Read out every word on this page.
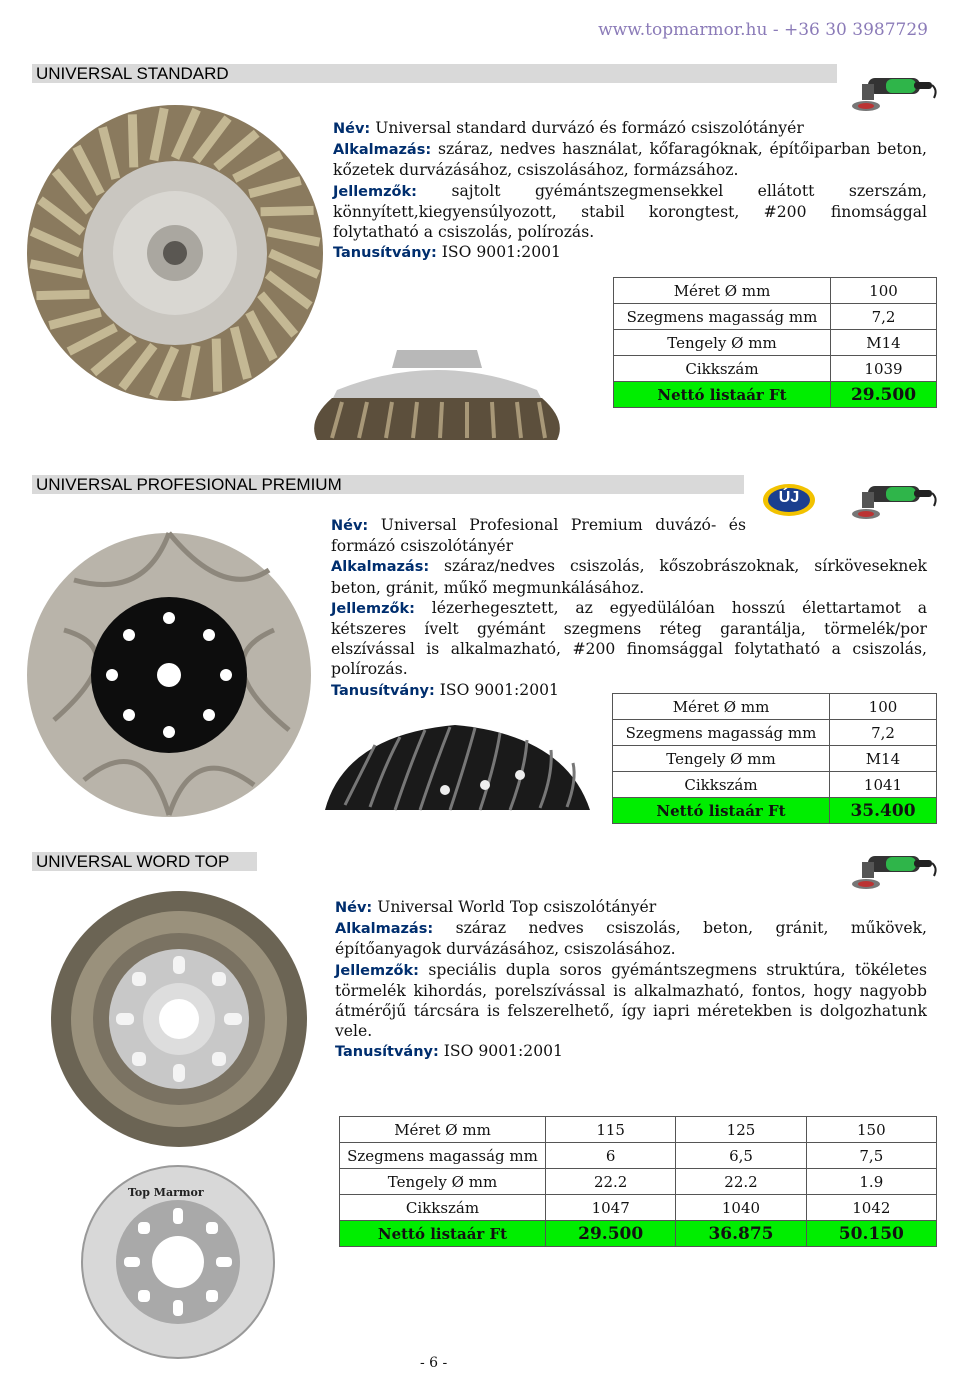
www.topmarmor.hu - +36 30 3987729
UNIVERSAL STANDARD

Név: Universal standard durvázó és formázó csiszolótányér

Alkalmazás: száraz, nedves használat, kőfaragóknak, építőiparban beton, kőzetek durvázásához, csiszolásához, formázsához.

Jellemzők: sajtolt gyémántszegmensekkel ellátott szerszám, könnyített,kiegyensúlyozott, stabil korongtest, #200 finomsággal folytatható a csiszolás, polírozás.

Tanusítvány: ISO 9001:2001

Méret Ø mm	100
Szegmens magasság mm	7,2
Tengely Ø mm	M14
Cikkszám	1039
Nettó listaár Ft	29.500
UNIVERSAL PROFESIONAL PREMIUM
ÚJ

Név: Universal Profesional Premium duvázó- és formázó csiszolótányér

Alkalmazás: száraz/nedves csiszolás, kőszobrászoknak, sírköveseknek beton, gránit, műkő megmunkálásához.

Jellemzők: lézerhegesztett, az egyedülálóan hosszú élettartamot a kétszeres ívelt gyémánt szegmens réteg garantálja, törmelék/por elszívással is alkalmazható, #200 finomsággal folytatható a csiszolás, polírozás.

Tanusítvány: ISO 9001:2001

Méret Ø mm	100
Szegmens magasság mm	7,2
Tengely Ø mm	M14
Cikkszám	1041
Nettó listaár Ft	35.400
UNIVERSAL WORD TOP
Top Marmor

Név: Universal World Top csiszolótányér

Alkalmazás: száraz nedves csiszolás, beton, gránit, műkövek, építőanyagok durvázásához, csiszolásához.

Jellemzők: speciális dupla soros gyémántszegmens struktúra, tökéletes törmelék kihordás, porelszívással is alkalmazható, fontos, hogy nagyobb átmérőjű tárcsára is felszerelhető, így iapri méretekben is dolgozhatunk vele.

Tanusítvány: ISO 9001:2001

Méret Ø mm	115	125	150
Szegmens magasság mm	6	6,5	7,5
Tengely Ø mm	22.2	22.2	1.9
Cikkszám	1047	1040	1042
Nettó listaár Ft	29.500	36.875	50.150
- 6 -
